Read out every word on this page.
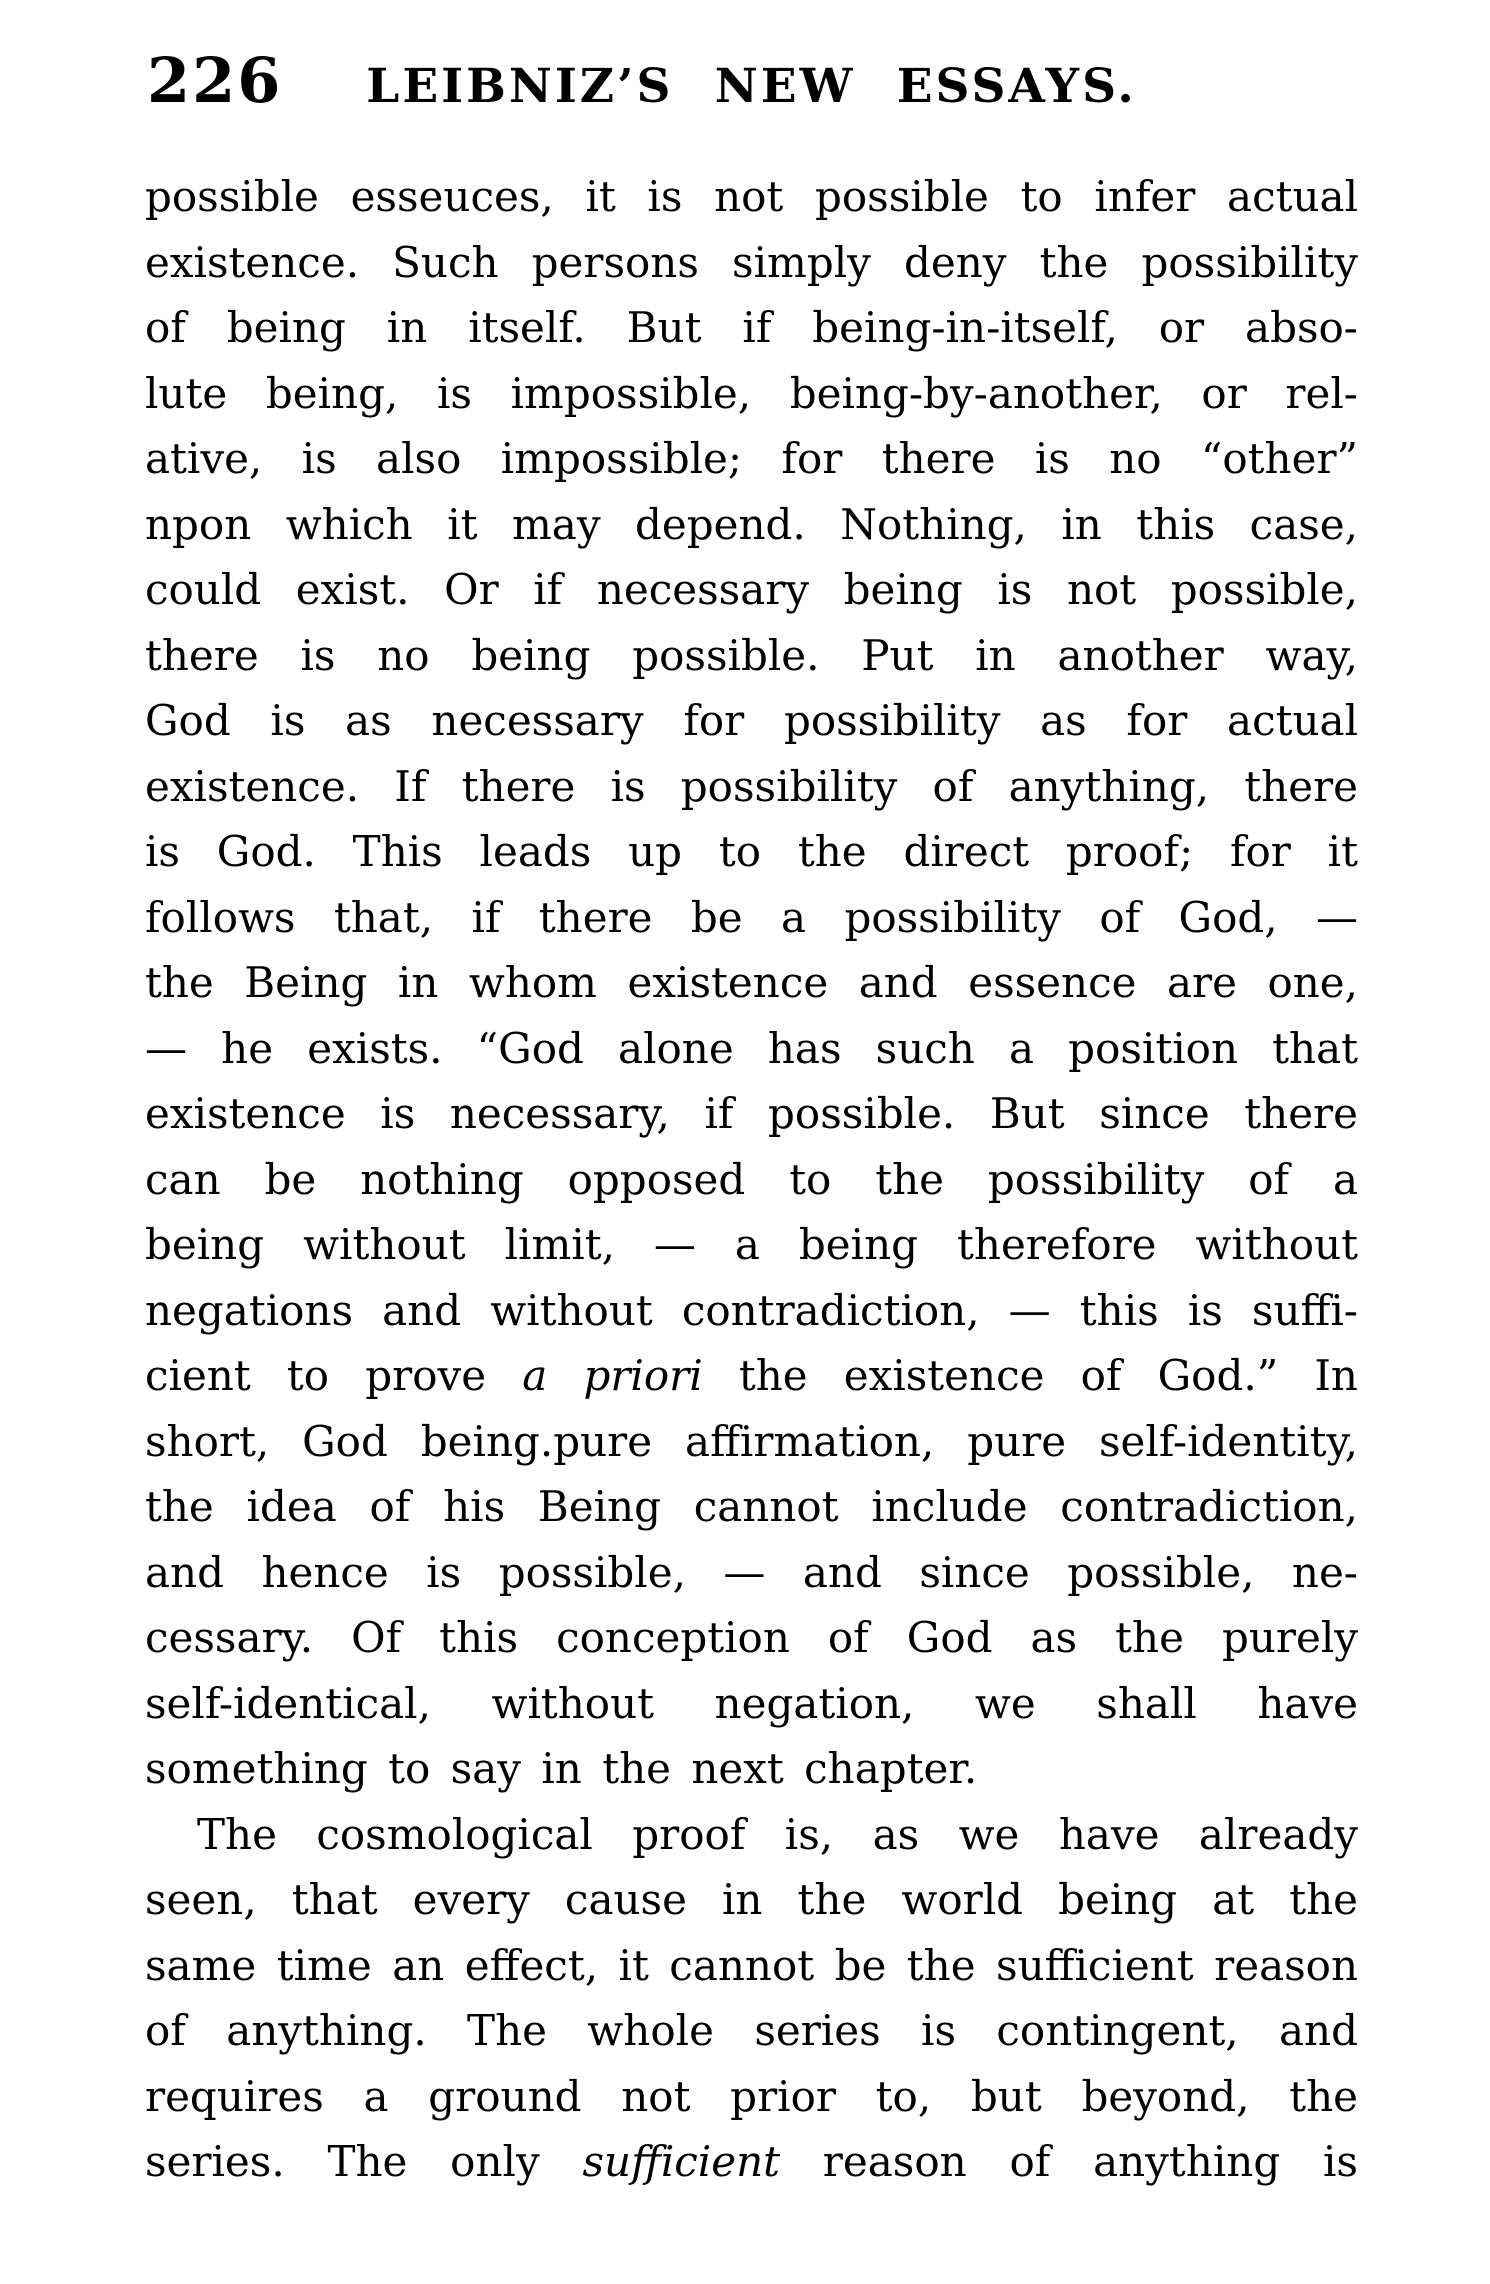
226	LEIBNIZ’S NEW ESSAYS.
possible esseuces, it is not possible to infer actual
existence. Such persons simply deny the possibility
of being in itself. But if being-in-itself, or abso-
lute being, is impossible, being-by-another, or rel-
ative, is also impossible; for there is no “other”
npon which it may depend. Nothing, in this case,
could exist. Or if necessary being is not possible,
there is no being possible. Put in another way,
God is as necessary for possibility as for actual
existence. If there is possibility of anything, there
is God. This leads up to the direct proof; for it
follows that, if there be a possibility of God, —
the Being in whom existence and essence are one,
— he exists. “God alone has such a position that
existence is necessary, if possible. But since there
can be nothing opposed to the possibility of a
being without limit, — a being therefore without
negations and without contradiction, — this is suffi-
cient to prove a priori the existence of God.” In
short, God being.pure affirmation, pure self-identity,
the idea of his Being cannot include contradiction,
and hence is possible, — and since possible, ne-
cessary. Of this conception of God as the purely
self-identical, without negation, we shall have
something to say in the next chapter.
The cosmological proof is, as we have already
seen, that every cause in the world being at the
same time an effect, it cannot be the sufficient reason
of anything. The whole series is contingent, and
requires a ground not prior to, but beyond, the
series. The only sufficient reason of anything is
